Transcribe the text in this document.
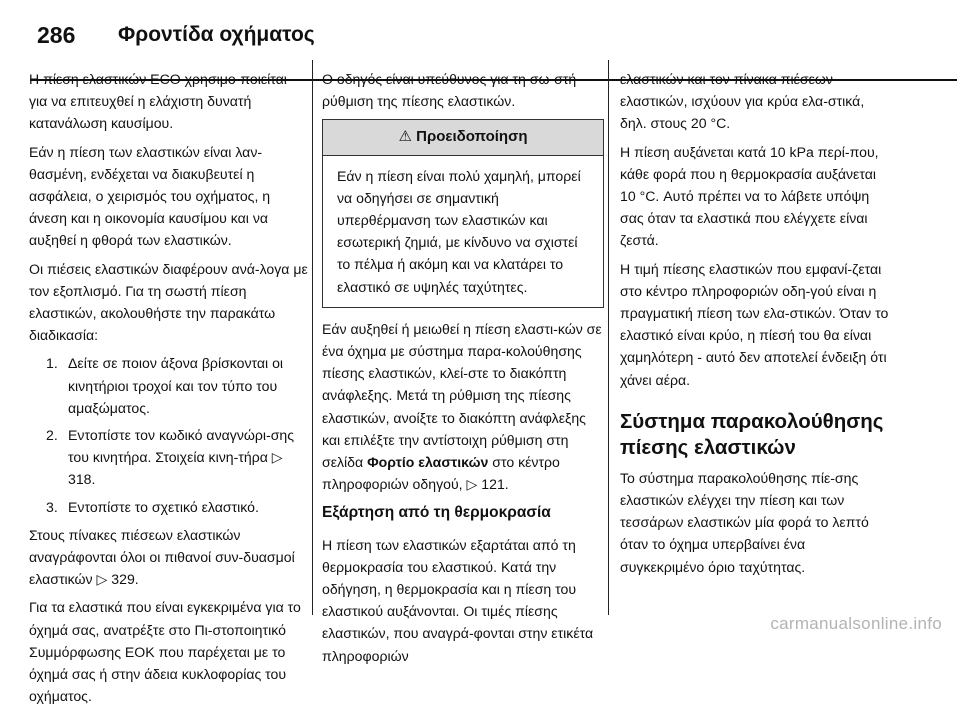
286 Φροντίδα οχήματος

Η πίεση ελαστικών ECO χρησιμο-ποιείται για να επιτευχθεί η ελάχιστη δυνατή κατανάλωση καυσίμου.

Εάν η πίεση των ελαστικών είναι λαν-θασμένη, ενδέχεται να διακυβευτεί η ασφάλεια, ο χειρισμός του οχήματος, η άνεση και η οικονομία καυσίμου και να αυξηθεί η φθορά των ελαστικών.

Οι πιέσεις ελαστικών διαφέρουν ανά-λογα με τον εξοπλισμό. Για τη σωστή πίεση ελαστικών, ακολουθήστε την παρακάτω διαδικασία:

1. Δείτε σε ποιον άξονα βρίσκονται οι κινητήριοι τροχοί και τον τύπο του αμαξώματος.
2. Εντοπίστε τον κωδικό αναγνώρι-σης του κινητήρα. Στοιχεία κινη-τήρα ▷ 318.
3. Εντοπίστε το σχετικό ελαστικό.

Στους πίνακες πιέσεων ελαστικών αναγράφονται όλοι οι πιθανοί συν-δυασμοί ελαστικών ▷ 329.

Για τα ελαστικά που είναι εγκεκριμένα για το όχημά σας, ανατρέξτε στο Πι-στοποιητικό Συμμόρφωσης ΕΟΚ που παρέχεται με το όχημά σας ή στην άδεια κυκλοφορίας του οχήματος.

Ο οδηγός είναι υπεύθυνος για τη σω-στή ρύθμιση της πίεσης ελαστικών.

⚠ Προειδοποίηση
Εάν η πίεση είναι πολύ χαμηλή, μπορεί να οδηγήσει σε σημαντική υπερθέρμανση των ελαστικών και εσωτερική ζημιά, με κίνδυνο να σχιστεί το πέλμα ή ακόμη και να κλατάρει το ελαστικό σε υψηλές ταχύτητες.

Εάν αυξηθεί ή μειωθεί η πίεση ελαστι-κών σε ένα όχημα με σύστημα παρα-κολούθησης πίεσης ελαστικών, κλεί-στε το διακόπτη ανάφλεξης. Μετά τη ρύθμιση της πίεσης ελαστικών, ανοίξτε το διακόπτη ανάφλεξης και επιλέξτε την αντίστοιχη ρύθμιση στη σελίδα Φορτίο ελαστικών στο κέντρο πληροφοριών οδηγού, ▷ 121.

Εξάρτηση από τη θερμοκρασία

Η πίεση των ελαστικών εξαρτάται από τη θερμοκρασία του ελαστικού. Κατά την οδήγηση, η θερμοκρασία και η πίεση του ελαστικού αυξάνονται. Οι τιμές πίεσης ελαστικών, που αναγρά-φονται στην ετικέτα πληροφοριών

ελαστικών και τον πίνακα πιέσεων ελαστικών, ισχύουν για κρύα ελα-στικά, δηλ. στους 20 °C.

Η πίεση αυξάνεται κατά 10 kPa περί-που, κάθε φορά που η θερμοκρασία αυξάνεται 10 °C. Αυτό πρέπει να το λάβετε υπόψη σας όταν τα ελαστικά που ελέγχετε είναι ζεστά.

Η τιμή πίεσης ελαστικών που εμφανί-ζεται στο κέντρο πληροφοριών οδη-γού είναι η πραγματική πίεση των ελα-στικών. Όταν το ελαστικό είναι κρύο, η πίεσή του θα είναι χαμηλότερη - αυτό δεν αποτελεί ένδειξη ότι χάνει αέρα.

Σύστημα παρακολούθησης πίεσης ελαστικών

Το σύστημα παρακολούθησης πίε-σης ελαστικών ελέγχει την πίεση και των τεσσάρων ελαστικών μία φορά το λεπτό όταν το όχημα υπερβαίνει ένα συγκεκριμένο όριο ταχύτητας.

carmanualsonline.info
